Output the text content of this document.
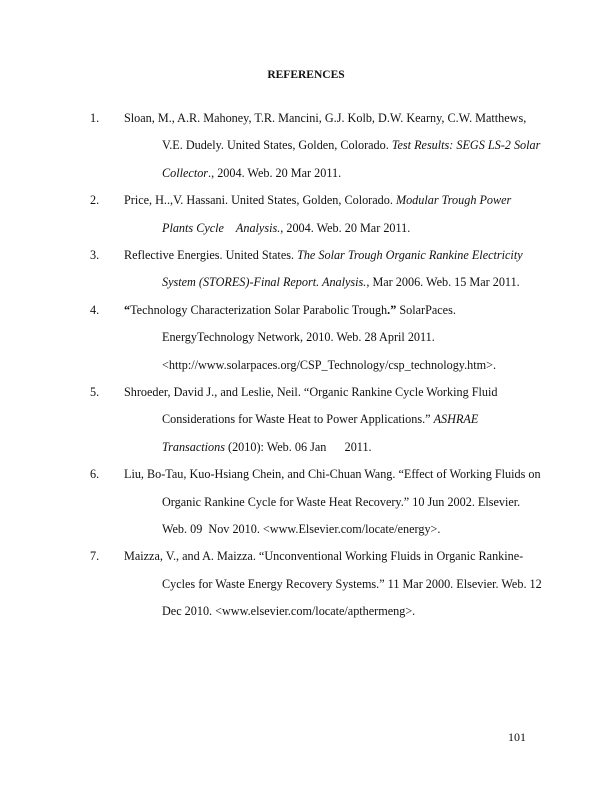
REFERENCES
1. Sloan, M., A.R. Mahoney, T.R. Mancini, G.J. Kolb, D.W. Kearny, C.W. Matthews,
V.E. Dudely. United States, Golden, Colorado. Test Results: SEGS LS-2 Solar
Collector., 2004. Web. 20 Mar 2011.
2. Price, H..,V. Hassani. United States, Golden, Colorado. Modular Trough Power
Plants Cycle    Analysis., 2004. Web. 20 Mar 2011.
3. Reflective Energies. United States. The Solar Trough Organic Rankine Electricity
System (STORES)-Final Report. Analysis., Mar 2006. Web. 15 Mar 2011.
4. “Technology Characterization Solar Parabolic Trough.” SolarPaces.
EnergyTechnology Network, 2010. Web. 28 April 2011.
<http://www.solarpaces.org/CSP_Technology/csp_technology.htm>.
5. Shroeder, David J., and Leslie, Neil. “Organic Rankine Cycle Working Fluid
Considerations for Waste Heat to Power Applications.” ASHRAE
Transactions (2010): Web. 06 Jan      2011.
6. Liu, Bo-Tau, Kuo-Hsiang Chein, and Chi-Chuan Wang. “Effect of Working Fluids on
Organic Rankine Cycle for Waste Heat Recovery.” 10 Jun 2002. Elsevier.
Web. 09  Nov 2010. <www.Elsevier.com/locate/energy>.
7. Maizza, V., and A. Maizza. “Unconventional Working Fluids in Organic Rankine-
Cycles for Waste Energy Recovery Systems.” 11 Mar 2000. Elsevier. Web. 12
Dec 2010. <www.elsevier.com/locate/apthermeng>.
101
